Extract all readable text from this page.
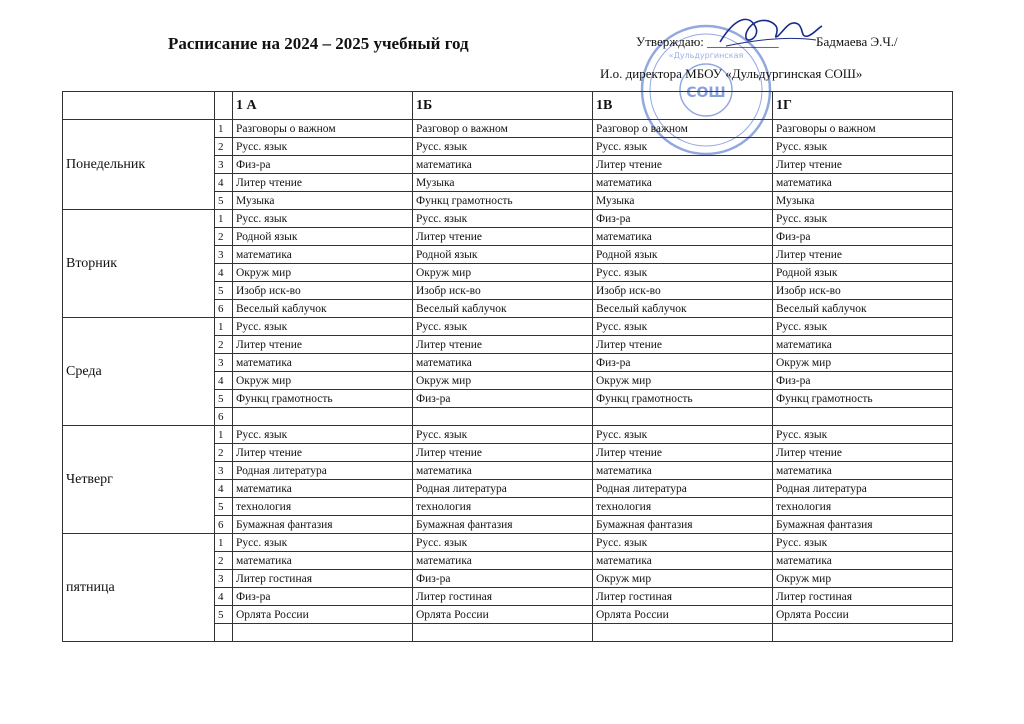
Расписание на 2024 – 2025 учебный год
СОШ
«Дульдургинская
Утверждаю: ___________	Бадмаева Э.Ч./
И.о. директора МБОУ «Дульдургинская СОШ»
		1 А	1Б	1В	1Г
Понедельник	1	Разговоры о важном	Разговор о важном	Разговор о важном	Разговоры о важном
	2	Русс. язык	Русс. язык	Русс. язык	Русс. язык
	3	Физ-ра	математика	Литер чтение	Литер чтение
	4	Литер чтение	Музыка	математика	математика
	5	Музыка	Функц грамотность	Музыка	Музыка
Вторник	1	Русс. язык	Русс. язык	Физ-ра	Русс. язык
	2	Родной язык	Литер чтение	математика	Физ-ра
	3	математика	Родной язык	Родной язык	Литер чтение
	4	Окруж мир	Окруж мир	Русс. язык	Родной язык
	5	Изобр иск-во	Изобр иск-во	Изобр иск-во	Изобр иск-во
	6	Веселый каблучок	Веселый каблучок	Веселый каблучок	Веселый каблучок
Среда	1	Русс. язык	Русс. язык	Русс. язык	Русс. язык
	2	Литер чтение	Литер чтение	Литер чтение	математика
	3	математика	математика	Физ-ра	Окруж мир
	4	Окруж мир	Окруж мир	Окруж мир	Физ-ра
	5	Функц грамотность	Физ-ра	Функц грамотность	Функц грамотность
	6				
Четверг	1	Русс. язык	Русс. язык	Русс. язык	Русс. язык
	2	Литер чтение	Литер чтение	Литер чтение	Литер чтение
	3	Родная литература	математика	математика	математика
	4	математика	Родная литература	Родная литература	Родная литература
	5	технология	технология	технология	технология
	6	Бумажная фантазия	Бумажная фантазия	Бумажная фантазия	Бумажная фантазия
пятница	1	Русс. язык	Русс. язык	Русс. язык	Русс. язык
	2	математика	математика	математика	математика
	3	Литер гостиная	Физ-ра	Окруж мир	Окруж мир
	4	Физ-ра	Литер гостиная	Литер гостиная	Литер гостиная
	5	Орлята России	Орлята России	Орлята России	Орлята России
